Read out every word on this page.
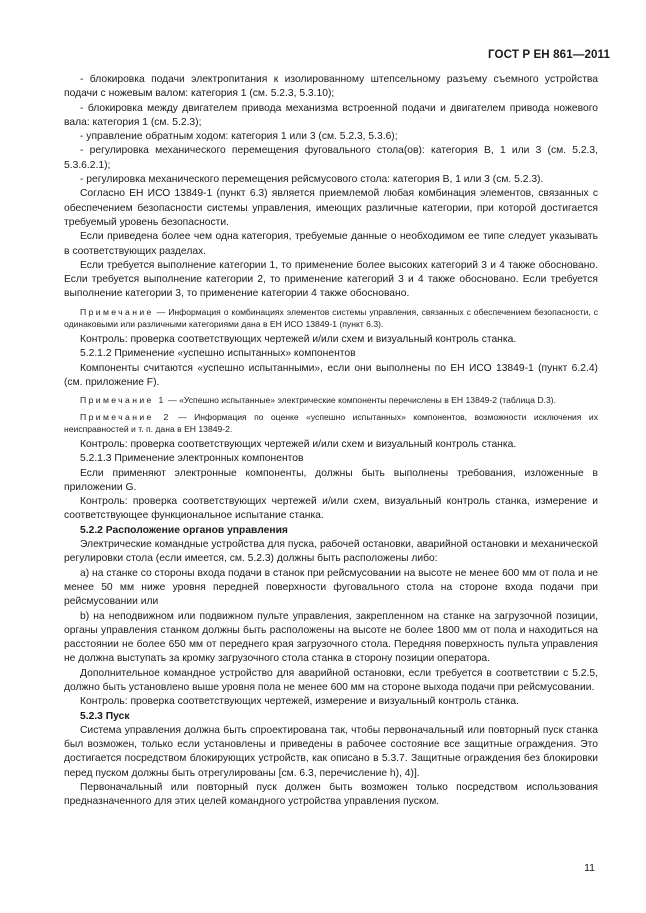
ГОСТ Р ЕН 861—2011

- блокировка подачи электропитания к изолированному штепсельному разъему съемного устройства подачи с ножевым валом: категория 1 (см. 5.2.3, 5.3.10);

- блокировка между двигателем привода механизма встроенной подачи и двигателем привода ножевого вала: категория 1 (см. 5.2.3);

- управление обратным ходом: категория 1 или 3 (см. 5.2.3, 5.3.6);

- регулировка механического перемещения фуговального стола(ов): категория В, 1 или 3 (см. 5.2.3, 5.3.6.2.1);

- регулировка механического перемещения рейсмусового стола: категория В, 1 или 3 (см. 5.2.3).

Согласно ЕН ИСО 13849-1 (пункт 6.3) является приемлемой любая комбинация элементов, связанных с обеспечением безопасности системы управления, имеющих различные категории, при которой достигается требуемый уровень безопасности.

Если приведена более чем одна категория, требуемые данные о необходимом ее типе следует указывать в соответствующих разделах.

Если требуется выполнение категории 1, то применение более высоких категорий 3 и 4 также обосновано. Если требуется выполнение категории 2, то применение категорий 3 и 4 также обосновано. Если требуется выполнение категории 3, то применение категории 4 также обосновано.

Примечание — Информация о комбинациях элементов системы управления, связанных с обеспечением безопасности, с одинаковыми или различными категориями дана в ЕН ИСО 13849-1 (пункт 6.3).

Контроль: проверка соответствующих чертежей и/или схем и визуальный контроль станка.

5.2.1.2 Применение «успешно испытанных» компонентов

Компоненты считаются «успешно испытанными», если они выполнены по ЕН ИСО 13849-1 (пункт 6.2.4) (см. приложение F).

Примечание 1 — «Успешно испытанные» электрические компоненты перечислены в ЕН 13849-2 (таблица D.3).

Примечание 2 — Информация по оценке «успешно испытанных» компонентов, возможности исключения их неисправностей и т. п. дана в ЕН 13849-2.

Контроль: проверка соответствующих чертежей и/или схем и визуальный контроль станка.

5.2.1.3 Применение электронных компонентов

Если применяют электронные компоненты, должны быть выполнены требования, изложенные в приложении G.

Контроль: проверка соответствующих чертежей и/или схем, визуальный контроль станка, измерение и соответствующее функциональное испытание станка.

5.2.2 Расположение органов управления

Электрические командные устройства для пуска, рабочей остановки, аварийной остановки и механической регулировки стола (если имеется, см. 5.2.3) должны быть расположены либо:

a) на станке со стороны входа подачи в станок при рейсмусовании на высоте не менее 600 мм от пола и не менее 50 мм ниже уровня передней поверхности фуговального стола на стороне входа подачи при рейсмусовании или

b) на неподвижном или подвижном пульте управления, закрепленном на станке на загрузочной позиции, органы управления станком должны быть расположены на высоте не более 1800 мм от пола и находиться на расстоянии не более 650 мм от переднего края загрузочного стола. Передняя поверхность пульта управления не должна выступать за кромку загрузочного стола станка в сторону позиции оператора.

Дополнительное командное устройство для аварийной остановки, если требуется в соответствии с 5.2.5, должно быть установлено выше уровня пола не менее 600 мм на стороне выхода подачи при рейсмусовании.

Контроль: проверка соответствующих чертежей, измерение и визуальный контроль станка.

5.2.3 Пуск

Система управления должна быть спроектирована так, чтобы первоначальный или повторный пуск станка был возможен, только если установлены и приведены в рабочее состояние все защитные ограждения. Это достигается посредством блокирующих устройств, как описано в 5.3.7. Защитные ограждения без блокировки перед пуском должны быть отрегулированы [см. 6.3, перечисление h), 4)].

Первоначальный или повторный пуск должен быть возможен только посредством использования предназначенного для этих целей командного устройства управления пуском.

11
